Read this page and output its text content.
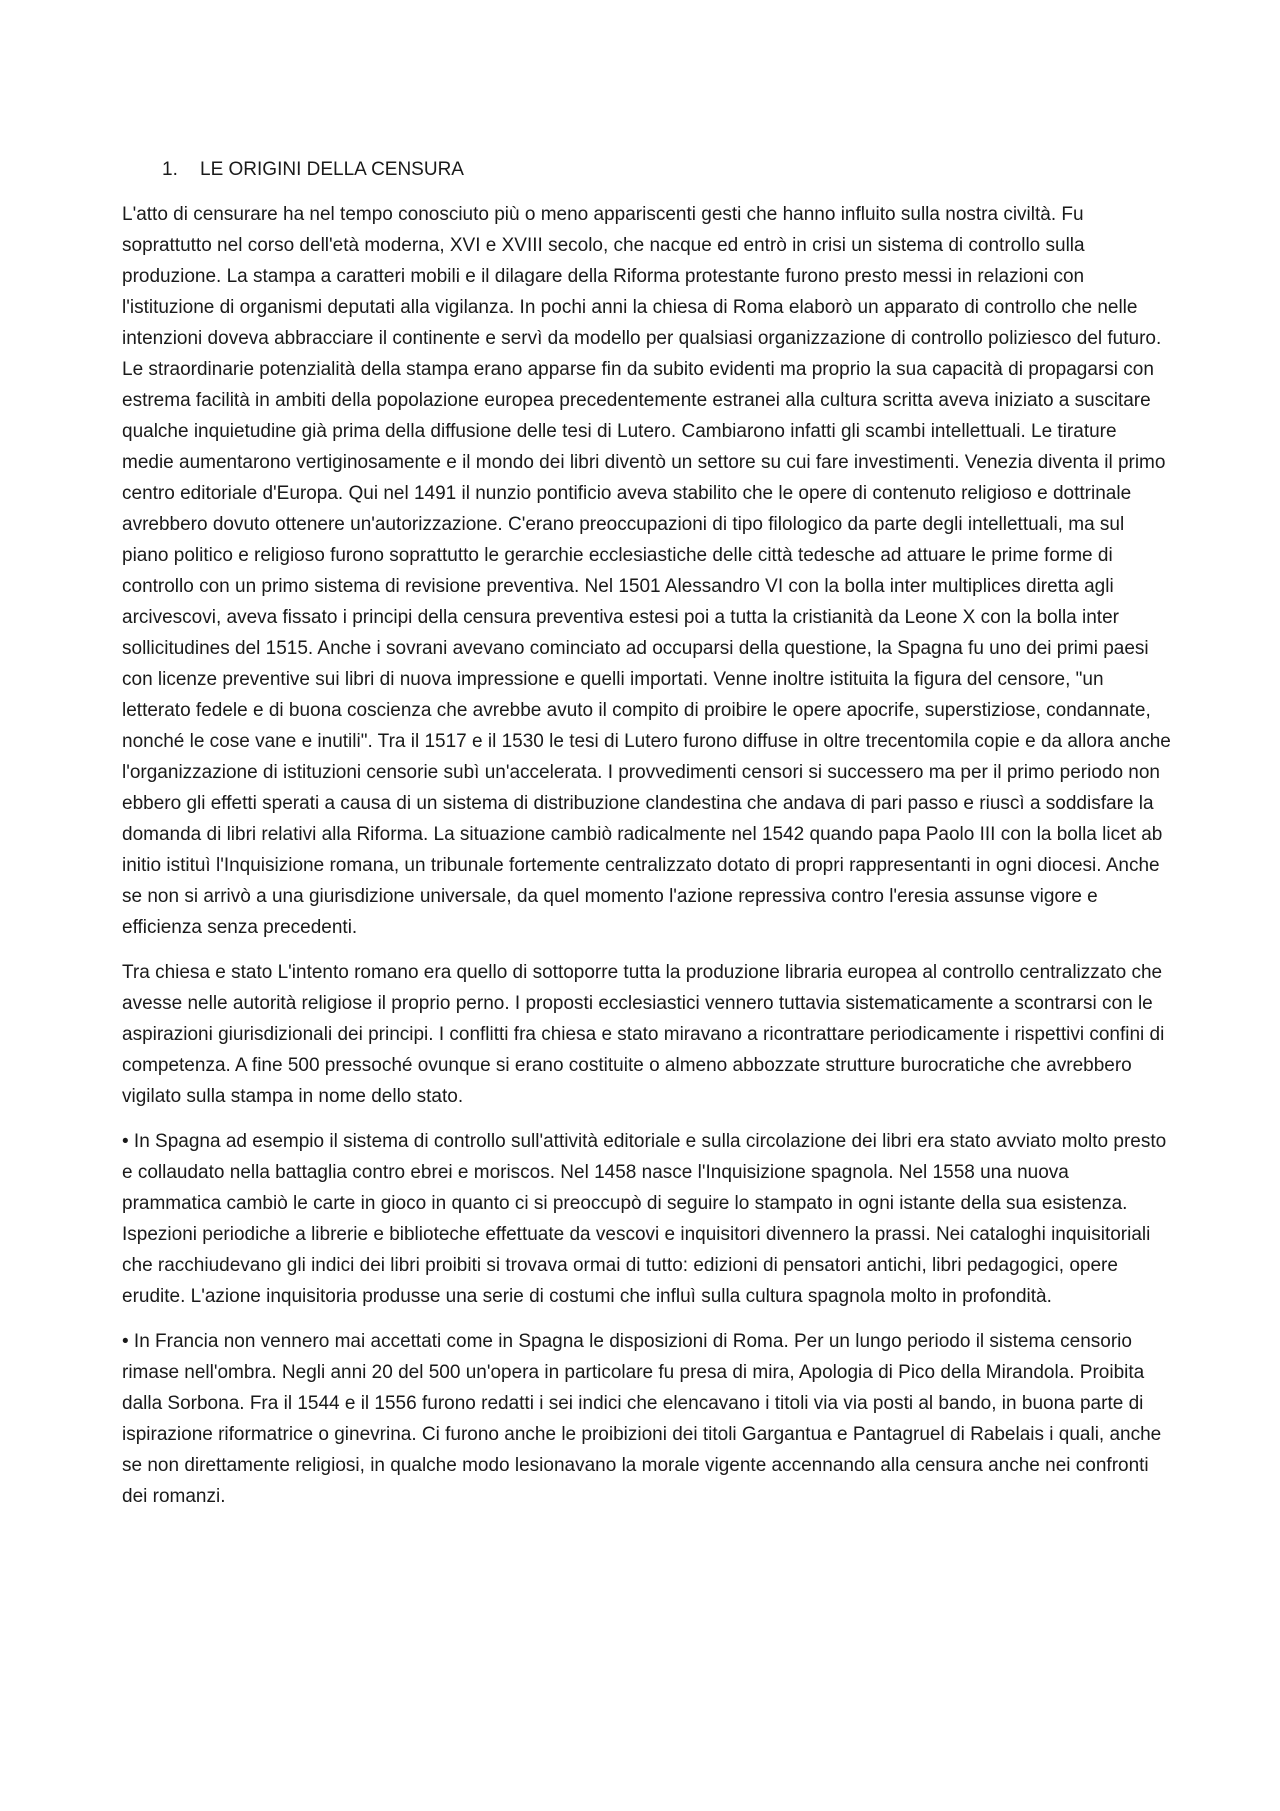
1.	LE ORIGINI DELLA CENSURA

L'atto di censurare ha nel tempo conosciuto più o meno appariscenti gesti che hanno influito sulla nostra civiltà. Fu soprattutto nel corso dell'età moderna, XVI e XVIII secolo, che nacque ed entrò in crisi un sistema di controllo sulla produzione. La stampa a caratteri mobili e il dilagare della Riforma protestante furono presto messi in relazioni con l'istituzione di organismi deputati alla vigilanza. In pochi anni la chiesa di Roma elaborò un apparato di controllo che nelle intenzioni doveva abbracciare il continente e servì da modello per qualsiasi organizzazione di controllo poliziesco del futuro. Le straordinarie potenzialità della stampa erano apparse fin da subito evidenti ma proprio la sua capacità di propagarsi con estrema facilità in ambiti della popolazione europea precedentemente estranei alla cultura scritta aveva iniziato a suscitare qualche inquietudine già prima della diffusione delle tesi di Lutero. Cambiarono infatti gli scambi intellettuali. Le tirature medie aumentarono vertiginosamente e il mondo dei libri diventò un settore su cui fare investimenti. Venezia diventa il primo centro editoriale d'Europa. Qui nel 1491 il nunzio pontificio aveva stabilito che le opere di contenuto religioso e dottrinale avrebbero dovuto ottenere un'autorizzazione. C'erano preoccupazioni di tipo filologico da parte degli intellettuali, ma sul piano politico e religioso furono soprattutto le gerarchie ecclesiastiche delle città tedesche ad attuare le prime forme di controllo con un primo sistema di revisione preventiva. Nel 1501 Alessandro VI con la bolla inter multiplices diretta agli arcivescovi, aveva fissato i principi della censura preventiva estesi poi a tutta la cristianità da Leone X con la bolla inter sollicitudines del 1515. Anche i sovrani avevano cominciato ad occuparsi della questione, la Spagna fu uno dei primi paesi con licenze preventive sui libri di nuova impressione e quelli importati. Venne inoltre istituita la figura del censore, "un letterato fedele e di buona coscienza che avrebbe avuto il compito di proibire le opere apocrife, superstiziose, condannate, nonché le cose vane e inutili". Tra il 1517 e il 1530 le tesi di Lutero furono diffuse in oltre trecentomila copie e da allora anche l'organizzazione di istituzioni censorie subì un'accelerata. I provvedimenti censori si successero ma per il primo periodo non ebbero gli effetti sperati a causa di un sistema di distribuzione clandestina che andava di pari passo e riuscì a soddisfare la domanda di libri relativi alla Riforma. La situazione cambiò radicalmente nel 1542 quando papa Paolo III con la bolla licet ab initio istituì l'Inquisizione romana, un tribunale fortemente centralizzato dotato di propri rappresentanti in ogni diocesi. Anche se non si arrivò a una giurisdizione universale, da quel momento l'azione repressiva contro l'eresia assunse vigore e efficienza senza precedenti.

Tra chiesa e stato L'intento romano era quello di sottoporre tutta la produzione libraria europea al controllo centralizzato che avesse nelle autorità religiose il proprio perno. I proposti ecclesiastici vennero tuttavia sistematicamente a scontrarsi con le aspirazioni giurisdizionali dei principi. I conflitti fra chiesa e stato miravano a ricontrattare periodicamente i rispettivi confini di competenza. A fine 500 pressoché ovunque si erano costituite o almeno abbozzate strutture burocratiche che avrebbero vigilato sulla stampa in nome dello stato.

• In Spagna ad esempio il sistema di controllo sull'attività editoriale e sulla circolazione dei libri era stato avviato molto presto e collaudato nella battaglia contro ebrei e moriscos. Nel 1458 nasce l'Inquisizione spagnola. Nel 1558 una nuova prammatica cambiò le carte in gioco in quanto ci si preoccupò di seguire lo stampato in ogni istante della sua esistenza. Ispezioni periodiche a librerie e biblioteche effettuate da vescovi e inquisitori divennero la prassi. Nei cataloghi inquisitoriali che racchiudevano gli indici dei libri proibiti si trovava ormai di tutto: edizioni di pensatori antichi, libri pedagogici, opere erudite. L'azione inquisitoria produsse una serie di costumi che influì sulla cultura spagnola molto in profondità.

• In Francia non vennero mai accettati come in Spagna le disposizioni di Roma. Per un lungo periodo il sistema censorio rimase nell'ombra. Negli anni 20 del 500 un'opera in particolare fu presa di mira, Apologia di Pico della Mirandola. Proibita dalla Sorbona. Fra il 1544 e il 1556 furono redatti i sei indici che elencavano i titoli via via posti al bando, in buona parte di ispirazione riformatrice o ginevrina. Ci furono anche le proibizioni dei titoli Gargantua e Pantagruel di Rabelais i quali, anche se non direttamente religiosi, in qualche modo lesionavano la morale vigente accennando alla censura anche nei confronti dei romanzi.
